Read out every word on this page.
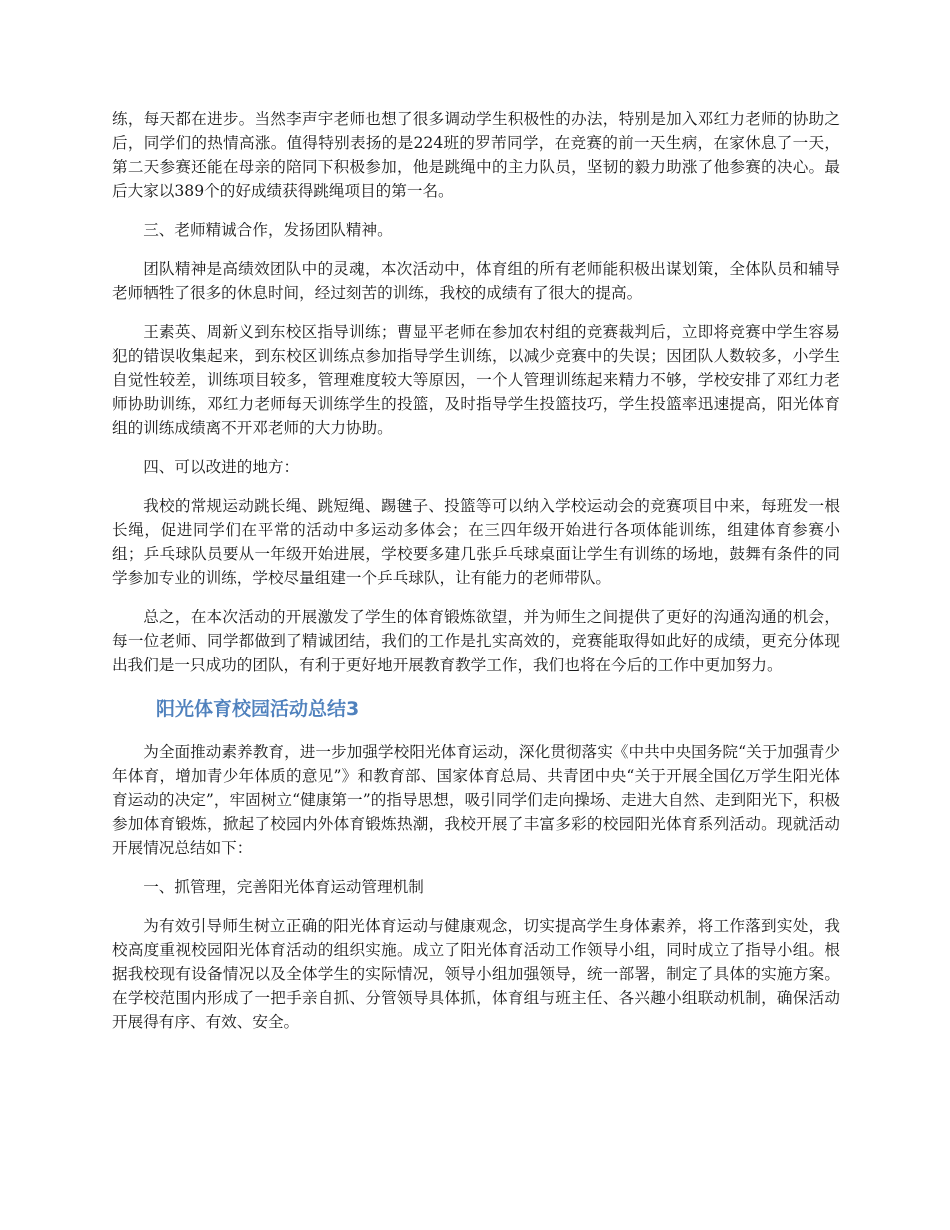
练，每天都在进步。当然李声宇老师也想了很多调动学生积极性的办法，特别是加入邓红力老师的协助之后，同学们的热情高涨。值得特别表扬的是224班的罗芾同学，在竞赛的前一天生病，在家休息了一天，第二天参赛还能在母亲的陪同下积极参加，他是跳绳中的主力队员，坚韧的毅力助涨了他参赛的决心。最后大家以389个的好成绩获得跳绳项目的第一名。

三、老师精诚合作，发扬团队精神。

团队精神是高绩效团队中的灵魂，本次活动中，体育组的所有老师能积极出谋划策，全体队员和辅导老师牺牲了很多的休息时间，经过刻苦的训练，我校的成绩有了很大的提高。

王素英、周新义到东校区指导训练；曹显平老师在参加农村组的竞赛裁判后，立即将竞赛中学生容易犯的错误收集起来，到东校区训练点参加指导学生训练，以减少竞赛中的失误；因团队人数较多，小学生自觉性较差，训练项目较多，管理难度较大等原因，一个人管理训练起来精力不够，学校安排了邓红力老师协助训练，邓红力老师每天训练学生的投篮，及时指导学生投篮技巧，学生投篮率迅速提高，阳光体育组的训练成绩离不开邓老师的大力协助。

四、可以改进的地方：

我校的常规运动跳长绳、跳短绳、踢毽子、投篮等可以纳入学校运动会的竞赛项目中来，每班发一根长绳，促进同学们在平常的活动中多运动多体会；在三四年级开始进行各项体能训练，组建体育参赛小组；乒乓球队员要从一年级开始进展，学校要多建几张乒乓球桌面让学生有训练的场地，鼓舞有条件的同学参加专业的训练，学校尽量组建一个乒乓球队，让有能力的老师带队。

总之，在本次活动的开展激发了学生的体育锻炼欲望，并为师生之间提供了更好的沟通沟通的机会，每一位老师、同学都做到了精诚团结，我们的工作是扎实高效的，竞赛能取得如此好的成绩，更充分体现出我们是一只成功的团队，有利于更好地开展教育教学工作，我们也将在今后的工作中更加努力。

阳光体育校园活动总结3

为全面推动素养教育，进一步加强学校阳光体育运动，深化贯彻落实《中共中央国务院“关于加强青少年体育，增加青少年体质的意见”》和教育部、国家体育总局、共青团中央“关于开展全国亿万学生阳光体育运动的决定”，牢固树立“健康第一”的指导思想，吸引同学们走向操场、走进大自然、走到阳光下，积极参加体育锻炼，掀起了校园内外体育锻炼热潮，我校开展了丰富多彩的校园阳光体育系列活动。现就活动开展情况总结如下：

一、抓管理，完善阳光体育运动管理机制

为有效引导师生树立正确的阳光体育运动与健康观念，切实提高学生身体素养，将工作落到实处，我校高度重视校园阳光体育活动的组织实施。成立了阳光体育活动工作领导小组，同时成立了指导小组。根据我校现有设备情况以及全体学生的实际情况，领导小组加强领导，统一部署，制定了具体的实施方案。在学校范围内形成了一把手亲自抓、分管领导具体抓，体育组与班主任、各兴趣小组联动机制，确保活动开展得有序、有效、安全。
